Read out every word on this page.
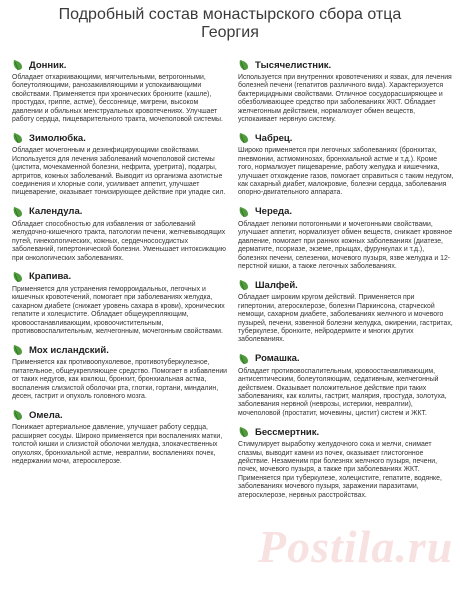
Подробный состав монастырского сбора отца
Георгия
Донник.

Обладает отхаркивающими, мягчительными, ветрогонными, болеутоляющими, ранозаживляющими и успокаивающими свойствами. Применяется при хронических бронхите (кашле), простудах, гриппе, астме), бессоннице, мигрени, высоком давлении и обильных менструальных кровотечениях. Улучшает работу сердца, пищеварительного тракта, мочеполовой системы.

Зимолюбка.

Обладает мочегонным и дезинфицирующими свойствами. Используется для лечения заболеваний мочеполовой системы (цистита, мочекаменной болезни, нефрита, уретрита), подагры, артритов, кожных заболеваний. Выводит из организма азотистые соединения и хлорные соли, усиливает аппетит, улучшает пищеварение, оказывает тонизирующее действие при упадке сил.

Календула.

Обладает способностью для избавления от заболеваний желудочно-кишечного тракта, патологии печени, желчевыводящих путей, гинекологических, кожных, сердечнососудистых заболеваний, гипертонической болезни. Уменьшает интоксикацию при онкологических заболеваниях.

Крапива.

Применяется для устранения геморроидальных, легочных и кишечных кровотечений, помогает при заболеваниях желудка, сахарном диабете (снижает уровень сахара в крови), хронических гепатите и холецистите. Обладает общеукрепляющим, кровоостанавливающим, кровоочистительным, противовоспалительным, желчегонным, мочегонным свойствами.

Мох исландский.

Применяется как противоопухолевое, противотуберкулезное, питательное, общеукрепляющее средство. Помогает в избавлении от таких недугов, как коклюш, бронхит, бронхиальная астма, воспаления слизистой оболочки рта, глотки, гортани, миндалин, десен, гастрит и опухоль головного мозга.

Омела.

Понижает артериальное давление, улучшает работу сердца, расширяет сосуды. Широко применяется при воспалениях матки, толстой кишки и слизистой оболочки желудка, злокачественных опухолях, бронхиальной астме, невралгии, воспалениях почек, недержании мочи, атеросклерозе.

Тысячелистник.

Используется при внутренних кровотечениях и язвах, для лечения болезней печени (гепатитов различного вида). Характеризуется бактерицидными свойствами. Отличное сосудорасширяющее и обезболивающее средство при заболеваниях ЖКТ. Обладает желчегонным действием, нормализует обмен веществ, успокаивает нервную систему.

Чабрец.

Широко применяется при легочных заболеваниях (бронхитах, пневмонии, астмоминозах, бронхиальной астме и т.д.). Кроме того, нормализует пищеварение, работу желудка и кишечника, улучшает отхождение газов, помогает справиться с таким недугом, как сахарный диабет, малокровие, болезни сердца, заболевания опорно-двигательного аппарата.

Череда.

Обладает легкими потогонными и мочегонными свойствами, улучшает аппетит, нормализует обмен веществ, снижает кровяное давление, помогает при ранних кожных заболеваниях (диатезе, дерматите, псориазе, экземе, прыщах, фурункулах и т.д.), болезнях печени, селезенки, мочевого пузыря, язве желудка и 12-перстной кишки, а также легочных заболеваниях.

Шалфей.

Обладает широким кругом действий. Применяется при гипертонии, атеросклерозе, болезни Паркинсона, старческой немощи, сахарном диабете, заболеваниях желчного и мочевого пузырей, печени, язвенной болезни желудка, ожирении, гастритах, туберкулезе, бронхите, нейродермите и многих других заболеваниях.

Ромашка.

Обладает противовоспалительным, кровоостанавливающим, антисептическим, болеутоляющим, седативным, желчегонный действием. Оказывает положительное действие при таких заболеваниях, как колиты, гастрит, малярия, простуда, золотуха, заболевания нервной (неврозы, истерики, невралгии), мочеполовой (простатит, мочевины, цистит) систем и ЖКТ.

Бессмертник.

Стимулирует выработку желудочного сока и желчи, снимает спазмы, выводит камни из почек, оказывает глистогонное действие. Незаменим при болезнях желчного пузыря, печени, почек, мочевого пузыря, а также при заболеваниях ЖКТ. Применяется при туберкулезе, холецистите, гепатите, водянке, заболеваниях мочевого пузыря, заражении паразитами, атеросклерозе, нервных расстройствах.

Postila.ru
